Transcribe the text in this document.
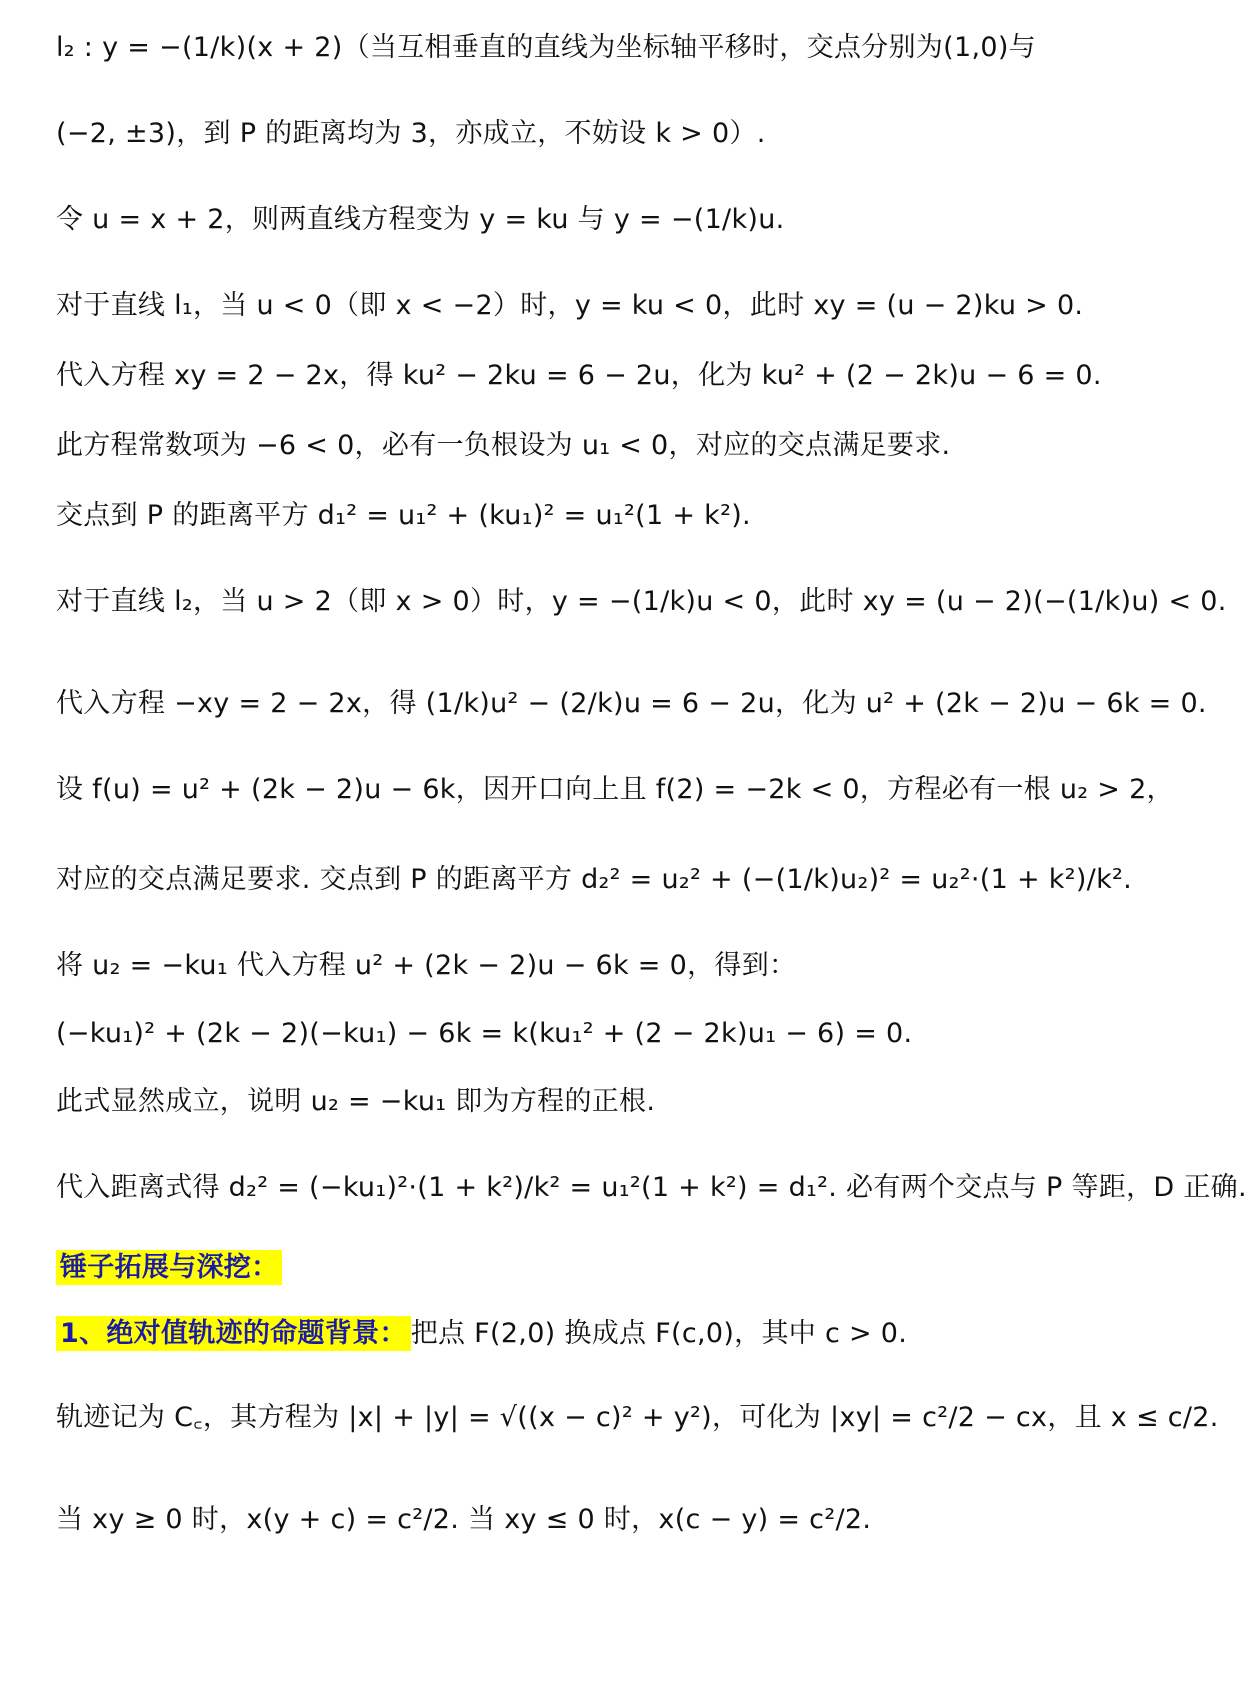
l₂ : y = −(1/k)(x + 2)（当互相垂直的直线为坐标轴平移时，交点分别为(1,0)与
(−2, ±3)，到 P 的距离均为 3，亦成立，不妨设 k > 0）.
令 u = x + 2，则两直线方程变为 y = ku 与 y = −(1/k)u.
对于直线 l₁，当 u < 0（即 x < −2）时，y = ku < 0，此时 xy = (u − 2)ku > 0.
代入方程 xy = 2 − 2x，得 ku² − 2ku = 6 − 2u，化为 ku² + (2 − 2k)u − 6 = 0.
此方程常数项为 −6 < 0，必有一负根设为 u₁ < 0，对应的交点满足要求.
交点到 P 的距离平方 d₁² = u₁² + (ku₁)² = u₁²(1 + k²).
对于直线 l₂，当 u > 2（即 x > 0）时，y = −(1/k)u < 0，此时 xy = (u − 2)(−(1/k)u) < 0.
代入方程 −xy = 2 − 2x，得 (1/k)u² − (2/k)u = 6 − 2u，化为 u² + (2k − 2)u − 6k = 0.
设 f(u) = u² + (2k − 2)u − 6k，因开口向上且 f(2) = −2k < 0，方程必有一根 u₂ > 2，
对应的交点满足要求. 交点到 P 的距离平方 d₂² = u₂² + (−(1/k)u₂)² = u₂²·(1 + k²)/k².
将 u₂ = −ku₁ 代入方程 u² + (2k − 2)u − 6k = 0，得到：
(−ku₁)² + (2k − 2)(−ku₁) − 6k = k(ku₁² + (2 − 2k)u₁ − 6) = 0.
此式显然成立，说明 u₂ = −ku₁ 即为方程的正根.
代入距离式得 d₂² = (−ku₁)²·(1 + k²)/k² = u₁²(1 + k²) = d₁². 必有两个交点与 P 等距，D 正确.
锤子拓展与深挖：
1、绝对值轨迹的命题背景： 把点 F(2,0) 换成点 F(c,0)，其中 c > 0.
轨迹记为 C꜀，其方程为 |x| + |y| = √((x − c)² + y²)，可化为 |xy| = c²/2 − cx，且 x ≤ c/2.
当 xy ≥ 0 时，x(y + c) = c²/2. 当 xy ≤ 0 时，x(c − y) = c²/2.
